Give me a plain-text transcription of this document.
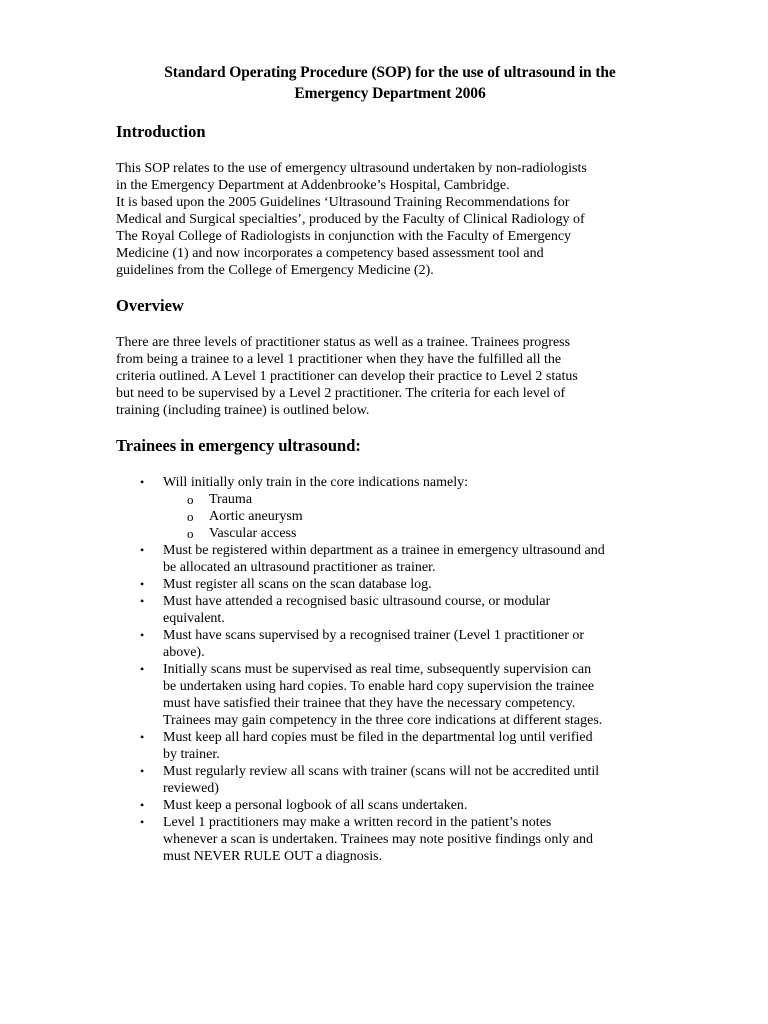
Standard Operating Procedure (SOP) for the use of ultrasound in the
Emergency Department 2006
Introduction

This SOP relates to the use of emergency ultrasound undertaken by non-radiologists
in the Emergency Department at Addenbrooke’s Hospital, Cambridge.
It is based upon the 2005 Guidelines ‘Ultrasound Training Recommendations for
Medical and Surgical specialties’, produced by the Faculty of Clinical Radiology of
The Royal College of Radiologists in conjunction with the Faculty of Emergency
Medicine (1) and now incorporates a competency based assessment tool and
guidelines from the College of Emergency Medicine (2).

Overview

There are three levels of practitioner status as well as a trainee. Trainees progress
from being a trainee to a level 1 practitioner when they have the fulfilled all the
criteria outlined. A Level 1 practitioner can develop their practice to Level 2 status
but need to be supervised by a Level 2 practitioner. The criteria for each level of
training (including trainee) is outlined below.

Trainees in emergency ultrasound:
• Will initially only train in the core indications namely:
o Trauma
o Aortic aneurysm
o Vascular access
• Must be registered within department as a trainee in emergency ultrasound and
be allocated an ultrasound practitioner as trainer.
• Must register all scans on the scan database log.
• Must have attended a recognised basic ultrasound course, or modular
equivalent.
• Must have scans supervised by a recognised trainer (Level 1 practitioner or
above).
• Initially scans must be supervised as real time, subsequently supervision can
be undertaken using hard copies. To enable hard copy supervision the trainee
must have satisfied their trainee that they have the necessary competency.
Trainees may gain competency in the three core indications at different stages.
• Must keep all hard copies must be filed in the departmental log until verified
by trainer.
• Must regularly review all scans with trainer (scans will not be accredited until
reviewed)
• Must keep a personal logbook of all scans undertaken.
• Level 1 practitioners may make a written record in the patient’s notes
whenever a scan is undertaken. Trainees may note positive findings only and
must NEVER RULE OUT a diagnosis.
